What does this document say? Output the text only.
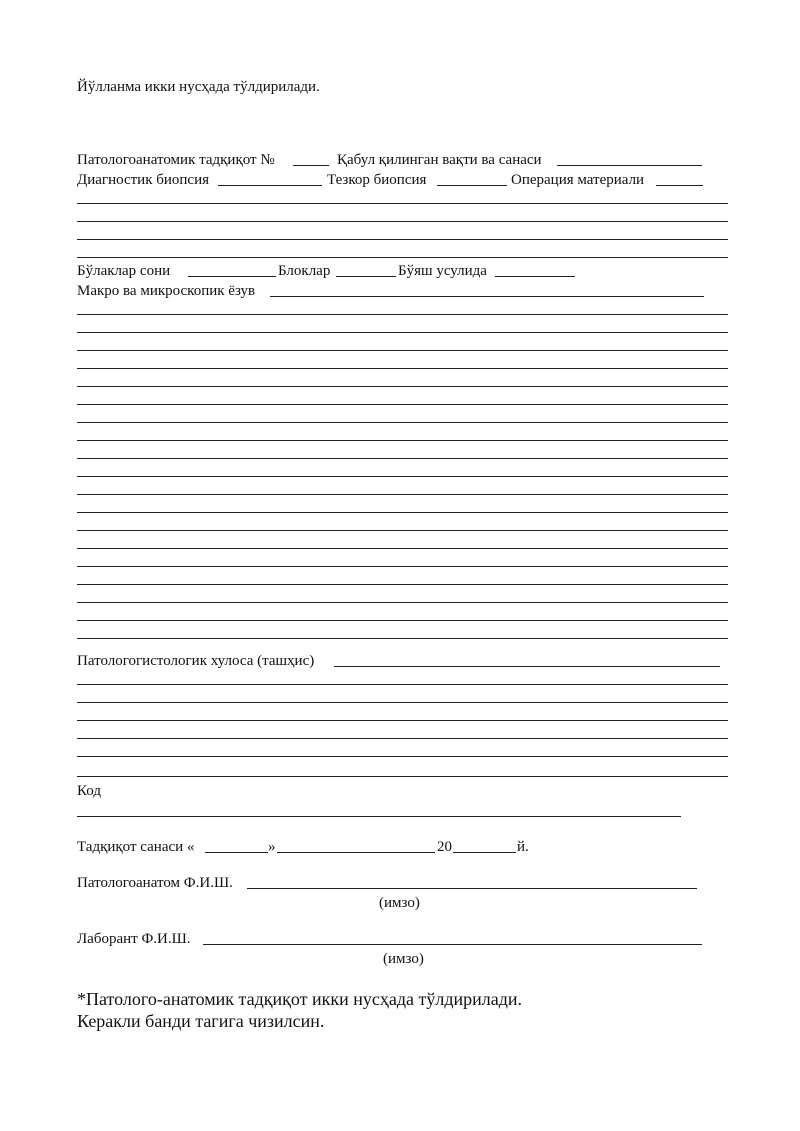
Йўлланма икки нусҳада тўлдирилади.
Патологоанатомик тадқиқот №	Қабул қилинган вақти ва санаси
Диагностик биопсия	Тезкор биопсия	Операция материали
Бўлаклар сони	Блоклар	Бўяш усулида
Макро ва микроскопик ёзув
Патологогистологик хулоса (ташҳис)
Код
Тадқиқот санаси «	»	20	й.
Патологоанатом Ф.И.Ш.
(имзо)
Лаборант Ф.И.Ш.
(имзо)
*Патолого-анатомик тадқиқот икки нусҳада тўлдирилади.
Керакли банди тагига чизилсин.
